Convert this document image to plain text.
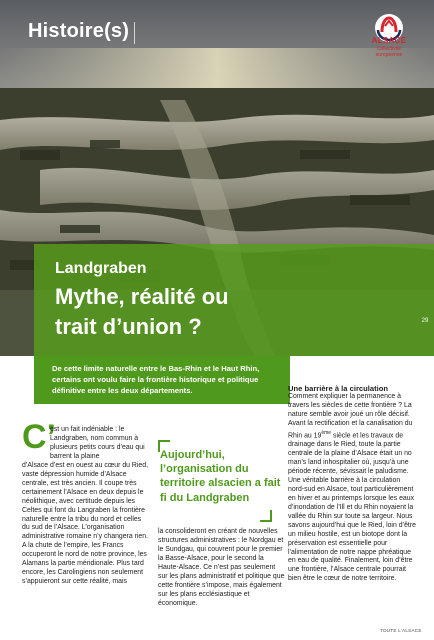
Histoire(s)	ALSACE
Collectivité
européenne
Landgraben
Mythe, réalité ou
trait d’union ?	29

De cette limite naturelle entre le Bas-Rhin et le Haut Rhin, certains ont voulu faire la frontière historique et politique définitive entre les deux départements.

C’

est un fait indéniable : le Landgraben, nom commun à plusieurs petits cours d’eau qui barrent la plaine

d’Alsace d’est en ouest au cœur du Ried, vaste dépression humide d’Alsace centrale, est très ancien. Il coupe très certainement l’Alsace en deux depuis le néolithique, avec certitude depuis les Celtes qui font du Langraben la frontière naturelle entre la tribu du nord et celles du sud de l’Alsace. L’organisation administrative romaine n’y changera rien. A la chute de l’empire, les Francs occuperont le nord de notre province, les Alamans la partie méridionale. Plus tard encore, les Carolingiens non seulement s’appuieront sur cette réalité, mais

Aujourd’hui, l’organisation du territoire alsacien a fait fi du Landgraben

la consolideront en créant de nouvelles structures administratives : le Nordgau et le Sundgau, qui couvrent pour le premier la Basse-Alsace, pour le second la Haute-Alsace. Ce n’est pas seulement sur les plans administratif et politique que cette frontière s’impose, mais également sur les plans ecclésiastique et économique.

Une barrière à la circulation

Comment expliquer la permanence à travers les siècles de cette frontière ? La nature semble avoir joué un rôle décisif. Avant la rectification et la canalisation du Rhin au 19ème siècle et les travaux de drainage dans le Ried, toute la partie centrale de la plaine d’Alsace était un no man’s land inhospitalier où, jusqu’à une période récente, sévissait le paludisme. Une véritable barrière à la circulation nord-sud en Alsace, tout particulièrement en hiver et au printemps lorsque les eaux d’inondation de l’Ill et du Rhin noyaient la vallée du Rhin sur toute sa largeur. Nous savons aujourd’hui que le Ried, loin d’être un milieu hostile, est un biotope dont la préservation est essentielle pour l’alimentation de notre nappe phréatique en eau de qualité. Finalement, loin d’être une frontière, l’Alsace centrale pourrait bien être le cœur de notre territoire.

TOUTE L’ALSACE
